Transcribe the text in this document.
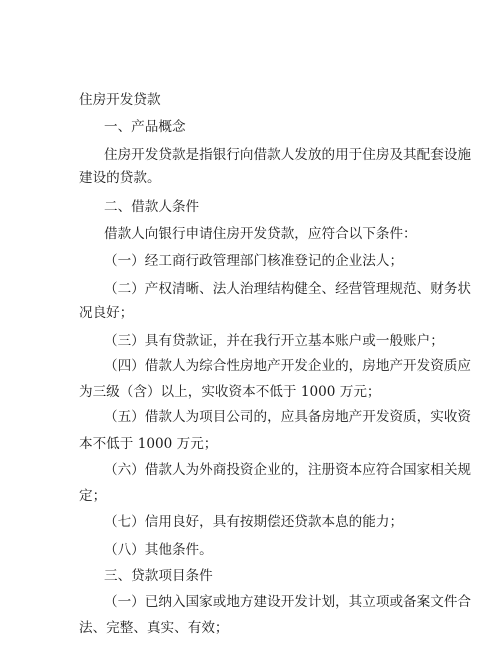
住房开发贷款
一、产品概念
住房开发贷款是指银行向借款人发放的用于住房及其配套设施
建设的贷款。
二、借款人条件
借款人向银行申请住房开发贷款，应符合以下条件：
（一）经工商行政管理部门核准登记的企业法人；
（二）产权清晰、法人治理结构健全、经营管理规范、财务状
况良好；
（三）具有贷款证，并在我行开立基本账户或一般账户；
（四）借款人为综合性房地产开发企业的，房地产开发资质应
为三级（含）以上，实收资本不低于 1000 万元；
（五）借款人为项目公司的，应具备房地产开发资质，实收资
本不低于 1000 万元；
（六）借款人为外商投资企业的，注册资本应符合国家相关规
定；
（七）信用良好，具有按期偿还贷款本息的能力；
（八）其他条件。
三、贷款项目条件
（一）已纳入国家或地方建设开发计划，其立项或备案文件合
法、完整、真实、有效；
